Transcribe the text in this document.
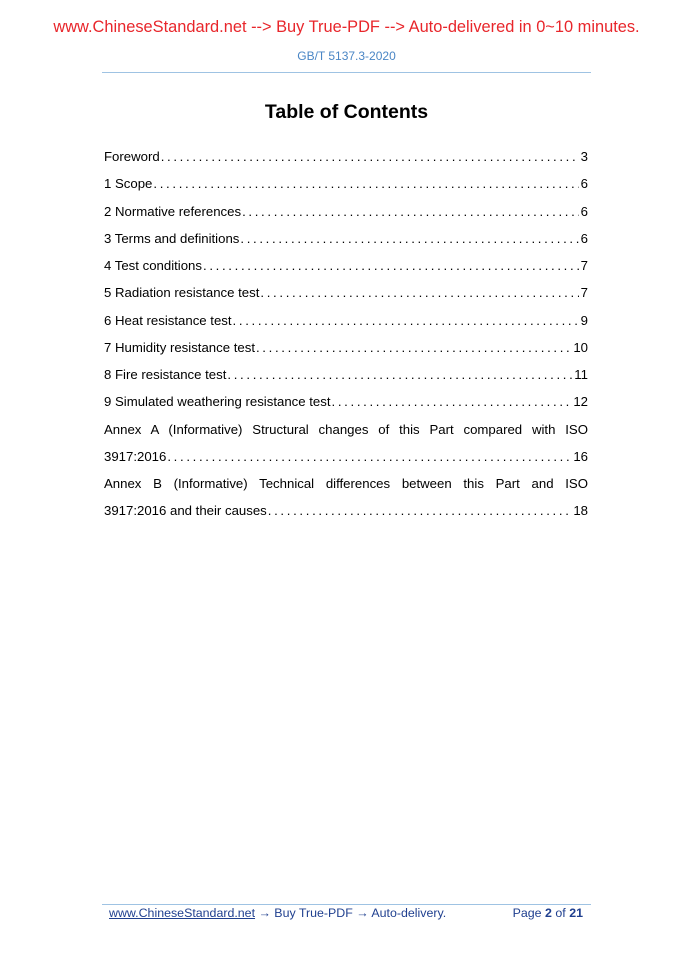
www.ChineseStandard.net --> Buy True-PDF --> Auto-delivered in 0~10 minutes.
GB/T 5137.3-2020
Table of Contents
Foreword . . .	3
1 Scope . . .	6
2 Normative references . . .	6
3 Terms and definitions . . .	6
4 Test conditions . . .	7
5 Radiation resistance test . . .	7
6 Heat resistance test . . .	9
7 Humidity resistance test . . .	10
8 Fire resistance test . . .	11
9 Simulated weathering resistance test . . .	12
Annex A (Informative) Structural changes of this Part compared with ISO
3917:2016 . . .	16
Annex B (Informative) Technical differences between this Part and ISO
3917:2016 and their causes . . .	18
www.ChineseStandard.net → Buy True-PDF → Auto-delivery.	Page 2 of 21
